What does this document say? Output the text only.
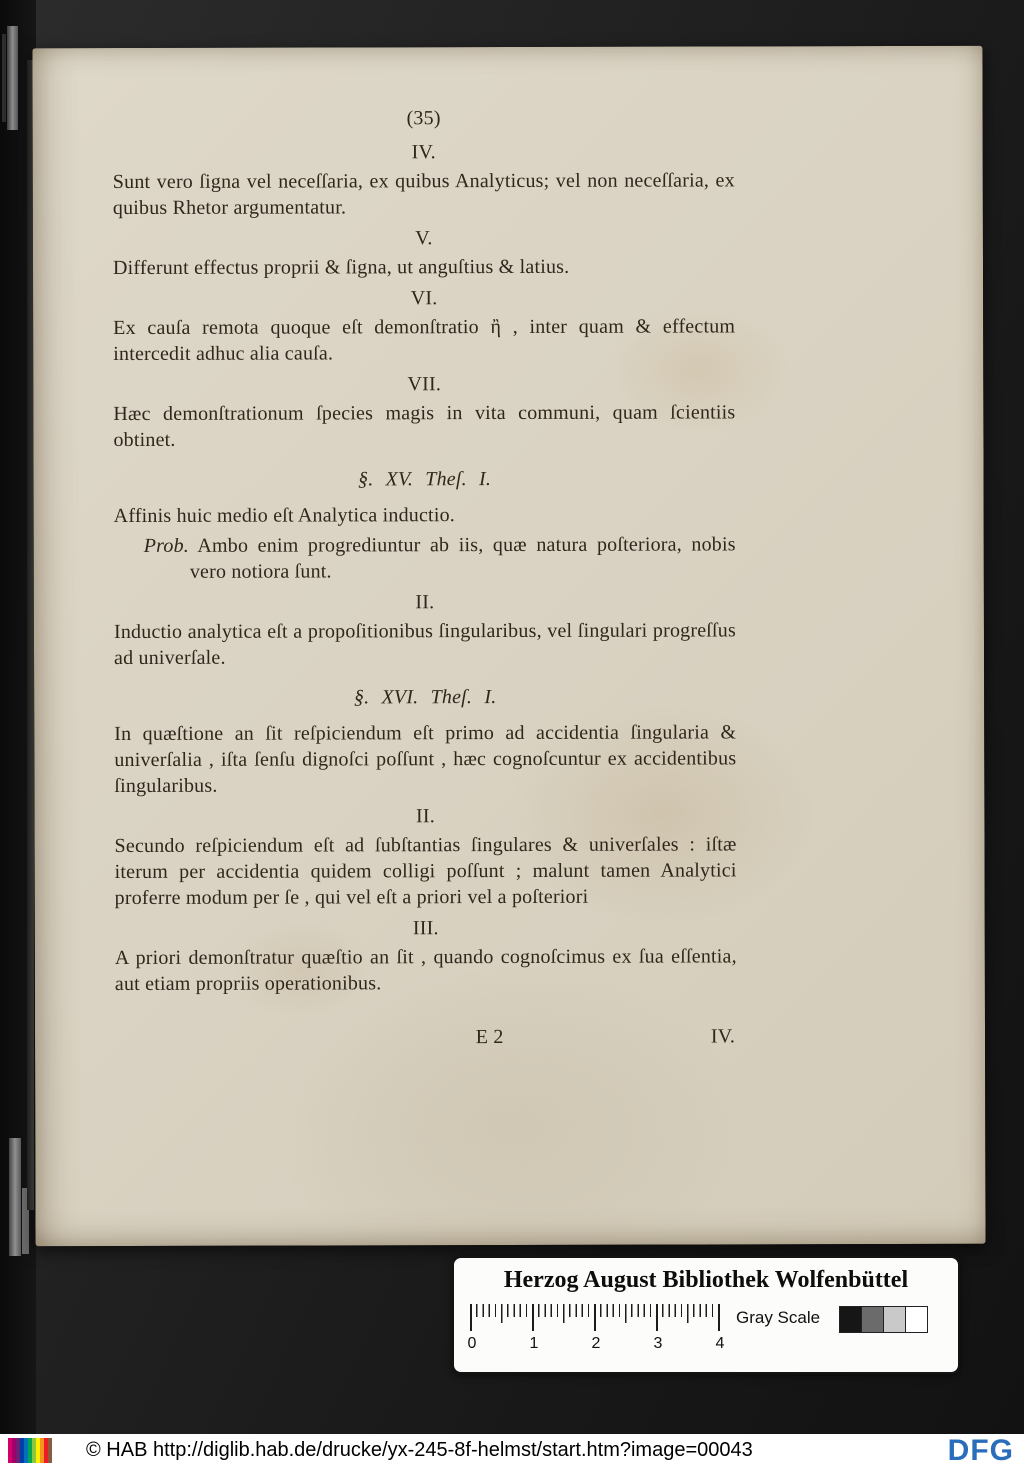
(35)
IV.

Sunt vero ſigna vel neceſſaria, ex quibus Analyticus; vel non neceſſaria, ex quibus Rhetor argumentatur.

V.

Differunt effectus proprii & ſigna, ut anguſtius & latius.

VI.

Ex cauſa remota quoque eſt demonſtratio ἢ , inter quam & effectum intercedit adhuc alia cauſa.

VII.

Hæc demonſtrationum ſpecies magis in vita communi, quam ſcientiis obtinet.

§. XV. Theſ. I.

Affinis huic medio eſt Analytica inductio.

Prob. Ambo enim progrediuntur ab iis, quæ natura poſteriora, nobis vero notiora ſunt.

II.

Inductio analytica eſt a propoſitionibus ſingularibus, vel ſingulari progreſſus ad univerſale.

§. XVI. Theſ. I.

In quæſtione an ſit reſpiciendum eſt primo ad accidentia ſingularia & univerſalia , iſta ſenſu dignoſci poſſunt , hæc cognoſcuntur ex accidentibus ſingularibus.

II.

Secundo reſpiciendum eſt ad ſubſtantias ſingulares & univerſales : iſtæ iterum per accidentia quidem colligi poſſunt ; malunt tamen Analytici proferre modum per ſe , qui vel eſt a priori vel a poſteriori

III.

A priori demonſtratur quæſtio an ſit , quando cognoſcimus ex ſua eſſentia, aut etiam propriis operationibus.

E 2	IV.
Herzog August Bibliothek Wolfenbüttel
0	1	2	3	4
Gray Scale
© HAB http://diglib.hab.de/drucke/yx-245-8f-helmst/start.htm?image=00043	DFG
